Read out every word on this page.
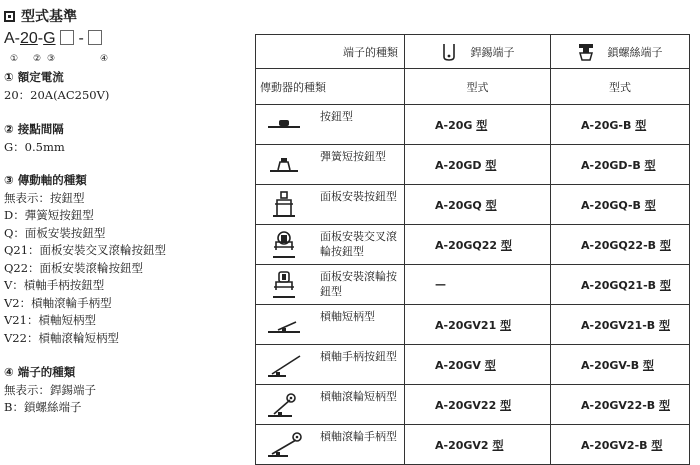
型式基準
A-20-G -
① ② ③	④
① 額定電流
20：20A(AC250V)
② 接點間隔
G：0.5mm
③ 傳動軸的種類
無表示：按鈕型
D：彈簧短按鈕型
Q：面板安裝按鈕型
Q21：面板安裝交叉滾輪按鈕型
Q22：面板安裝滾輪按鈕型
V：槓軸手柄按鈕型
V2：槓軸滾輪手柄型
V21：槓軸短柄型
V22：槓軸滾輪短柄型
④ 端子的種類
無表示：銲錫端子
B：鎖螺絲端子
端子的種類	銲錫端子	鎖螺絲端子

傳動器的種類	型式	型式

按鈕型	A-20G 型	A-20G-B 型

彈簧短按鈕型	A-20GD 型	A-20GD-B 型

面板安裝按鈕型	A-20GQ 型	A-20GQ-B 型

面板安裝交叉滾輪按鈕型	A-20GQ22 型	A-20GQ22-B 型

面板安裝滾輪按鈕型	—	A-20GQ21-B 型

槓軸短柄型	A-20GV21 型	A-20GV21-B 型

槓軸手柄按鈕型	A-20GV 型	A-20GV-B 型

槓軸滾輪短柄型	A-20GV22 型	A-20GV22-B 型

槓軸滾輪手柄型	A-20GV2 型	A-20GV2-B 型
